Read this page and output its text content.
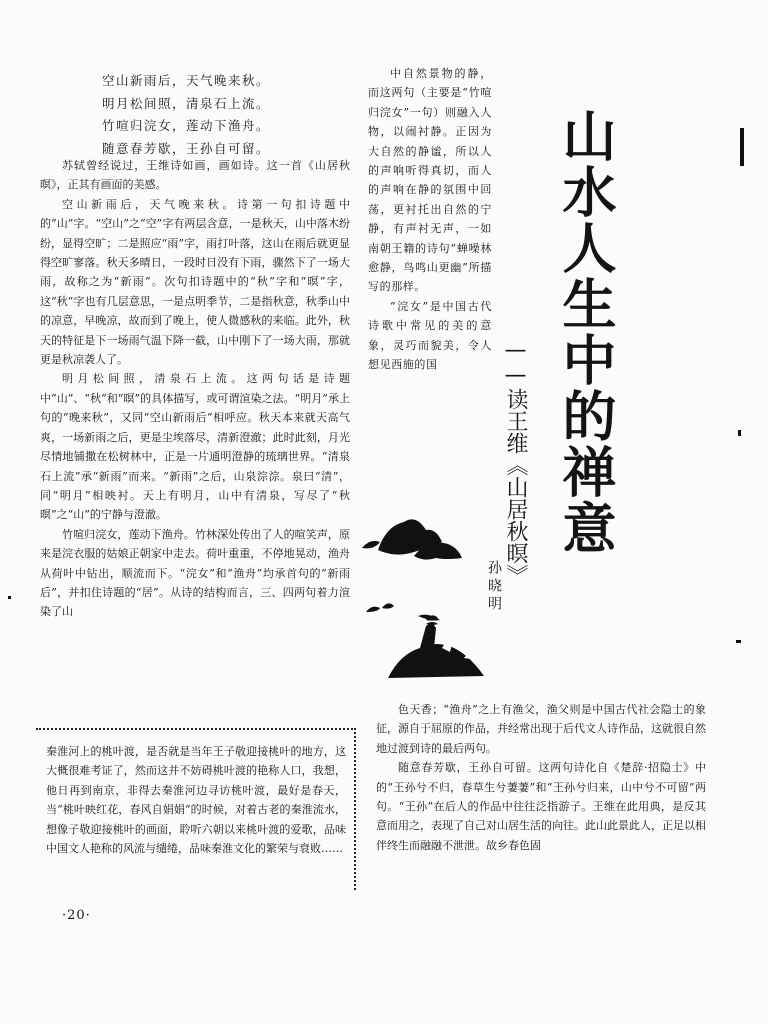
空山新雨后，天气晚来秋。
明月松间照，清泉石上流。
竹喧归浣女，莲动下渔舟。
随意春芳歇，王孙自可留。

苏轼曾经说过，王维诗如画，画如诗。这一首《山居秋暝》，正其有画面的美感。

空山新雨后，天气晚来秋。诗第一句扣诗题中的“山”字。“空山”之“空”字有两层含意，一是秋天，山中落木纷纷，显得空旷；二是照应“雨”字，雨打叶落，这山在雨后就更显得空旷寥落。秋天多晴日，一段时日没有下雨，骤然下了一场大雨，故称之为“新雨”。次句扣诗题中的“秋”字和“暝”字，这“秋”字也有几层意思，一是点明季节，二是指秋意，秋季山中的凉意，早晚凉，故而到了晚上，使人微感秋的来临。此外，秋天的特征是下一场雨气温下降一截，山中刚下了一场大雨，那就更是秋凉袭人了。

明月松间照，清泉石上流。这两句话是诗题中“山”、“秋”和“暝”的具体描写，或可谓渲染之法。“明月”承上句的“晚来秋”，又同“空山新雨后”相呼应。秋天本来就天高气爽，一场新雨之后，更是尘埃落尽，清新澄澈；此时此刻，月光尽情地铺撒在松树林中，正是一片通明澄静的琉璃世界。“清泉石上流”承“新雨”而来。“新雨”之后，山泉淙淙。泉曰“清”，同“明月”相映衬。天上有明月，山中有清泉，写尽了“秋暝”之“山”的宁静与澄澈。

竹喧归浣女，莲动下渔舟。竹林深处传出了人的喧笑声，原来是浣衣服的姑娘正朝家中走去。荷叶重重，不停地晃动，渔舟从荷叶中钻出，顺流而下。“浣女”和“渔舟”均承首句的“新雨后”，并扣住诗题的“居”。从诗的结构而言，三、四两句着力渲染了山

中自然景物的静，而这两句（主要是“竹喧归浣女”一句）则融入人物，以闹衬静。正因为大自然的静谧，所以人的声响听得真切，而人的声响在静的氛围中回荡，更衬托出自然的宁静，有声衬无声，一如南朝王籍的诗句“蝉噪林愈静，鸟鸣山更幽”所描写的那样。

“浣女”是中国古代诗歌中常见的美的意象，灵巧而貌美，令人想见西施的国	山水人生中的禅意
——读王维《山居秋暝》
孙晓明
秦淮河上的桃叶渡，是否就是当年王子敬迎接桃叶的地方，这大概很难考证了，然而这并不妨碍桃叶渡的艳称人口，我想，他日再到南京，非得去秦淮河边寻访桃叶渡，最好是春天，当“桃叶映红花，春风自娟娟”的时候，对着古老的秦淮流水，想像子敬迎接桃叶的画面，聆听六朝以来桃叶渡的爱歌，品味中国文人艳称的风流与缱绻，品味秦淮文化的繁荣与衰败……

色天香；“渔舟”之上有渔父，渔父则是中国古代社会隐士的象征，源自于屈原的作品，并经常出现于后代文人诗作品，这就很自然地过渡到诗的最后两句。

随意春芳歇，王孙自可留。这两句诗化自《楚辞·招隐士》中的“王孙兮不归，春草生兮萋萋”和“王孙兮归来，山中兮不可留”两句。“王孙”在后人的作品中往往泛指游子。王维在此用典，是反其意而用之，表现了自己对山居生活的向往。此山此景此人，正足以相伴终生而融融不泄泄。故乡春色固

·20·
